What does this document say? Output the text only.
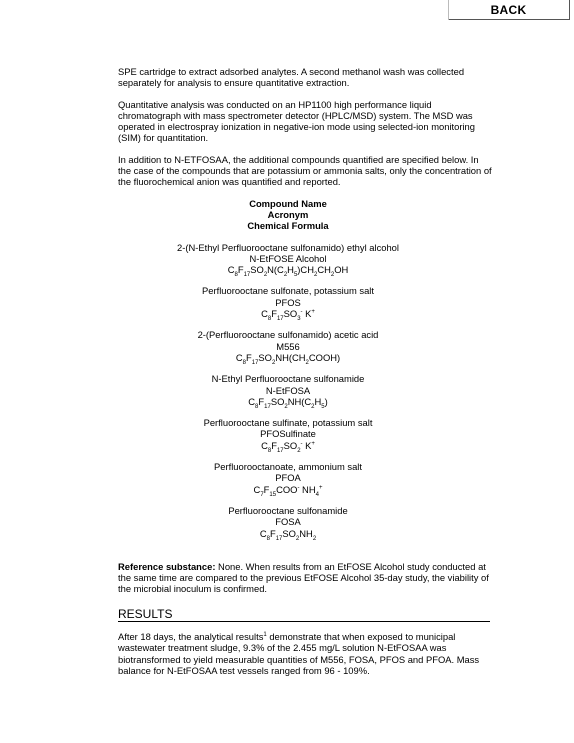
BACK

SPE cartridge to extract adsorbed analytes. A second methanol wash was collected separately for analysis to ensure quantitative extraction.

Quantitative analysis was conducted on an HP1100 high performance liquid chromatograph with mass spectrometer detector (HPLC/MSD) system. The MSD was operated in electrospray ionization in negative-ion mode using selected-ion monitoring (SIM) for quantitation.

In addition to N-ETFOSAA, the additional compounds quantified are specified below. In the case of the compounds that are potassium or ammonia salts, only the concentration of the fluorochemical anion was quantified and reported.

Compound Name
Acronym
Chemical Formula
2-(N-Ethyl Perfluorooctane sulfonamido) ethyl alcohol
N-EtFOSE Alcohol
$C_8F_{17}SO_2N(C_2H_5)CH_2CH_2OH$
Perfluorooctane sulfonate, potassium salt
PFOS
$C_8F_{17}SO_3^-$ K+
2-(Perfluorooctane sulfonamido) acetic acid
M556
$C_8F_{17}SO_2NH(CH_2COOH)$
N-Ethyl Perfluorooctane sulfonamide
N-EtFOSA
$C_8F_{17}SO_2NH(C_2H_5)$
Perfluorooctane sulfinate, potassium salt
PFOSulfinate
$C_8F_{17}SO_2^-$ K+
Perfluorooctanoate, ammonium salt
PFOA
$C_7F_{15}COO^-$ $NH_4^+$
Perfluorooctane sulfonamide
FOSA
$C_8F_{17}SO_2NH_2$

Reference substance: None. When results from an EtFOSE Alcohol study conducted at the same time are compared to the previous EtFOSE Alcohol 35-day study, the viability of the microbial inoculum is confirmed.

RESULTS
After 18 days, the analytical results$^1$ demonstrate that when exposed to municipal wastewater treatment sludge, 9.3% of the 2.455 mg/L solution N-EtFOSAA was biotransformed to yield measurable quantities of M556, FOSA, PFOS and PFOA. Mass balance for N-EtFOSAA test vessels ranged from 96 - 109%.
